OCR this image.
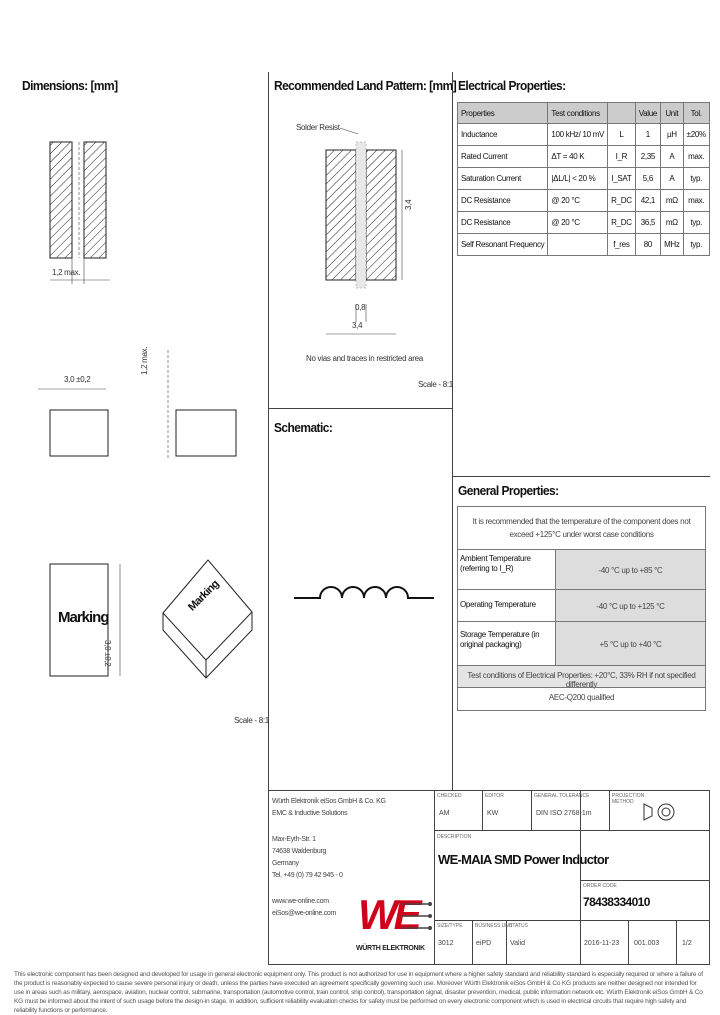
Dimensions: [mm]	Recommended Land Pattern: [mm] Electrical Properties:
Schematic:
General Properties:
1,2 max.
3,0 ±0,2
1,2 max.
3,0 ±0,2
Marking
Marking
Scale - 8:1
Solder Resist
3,4
0,8
3,4
No vias and traces in restricted area
Scale - 8:1
Properties	Test conditions		Value	Unit	Tol.
Inductance	100 kHz/ 10 mV	L	1	µH	±20%
Rated Current	ΔT = 40 K	I_R	2,35	A	max.
Saturation Current	|ΔL/L| < 20 %	I_SAT	5,6	A	typ.
DC Resistance	@ 20 °C	R_DC	42,1	mΩ	max.
DC Resistance	@ 20 °C	R_DC	36,5	mΩ	typ.
Self Resonant Frequency		f_res	80	MHz	typ.
It is recommended that the temperature of the component does not exceed +125°C under worst case conditions
Ambient Temperature (referring to I_R)	-40 °C up to +85 °C
Operating Temperature	-40 °C up to +125 °C
Storage Temperature (in original packaging)	+5 °C up to +40 °C
Test conditions of Electrical Properties: +20°C, 33% RH if not specified differently
AEC-Q200 qualified
Würth Elektronik eiSos GmbH & Co. KG
EMC & Inductive Solutions
Max-Eyth-Str. 1
74638 Waldenburg
Germany
Tel. +49 (0) 79 42 945 - 0
www.we-online.com
eiSos@we-online.com WE
WÜRTH ELEKTRONIK
CHECKED
AM
EDITOR
KW
GENERAL TOLERANCE
DIN ISO 2768-1m
PROJECTION METHOD
DESCRIPTION
WE-MAIA SMD Power Inductor
ORDER CODE
78438334010
SIZE/TYPE
3012
BUSINESS UNIT
eiPD
STATUS
Valid	2016-11-23 001.003	1/2
This electronic component has been designed and developed for usage in general electronic equipment only. This product is not authorized for use in equipment where a higher safety standard and reliability standard is especially required or where a failure of the product is reasonably expected to cause severe personal injury or death, unless the parties have executed an agreement specifically governing such use. Moreover Würth Elektronik eiSos GmbH & Co KG products are neither designed nor intended for use in areas such as military, aerospace, aviation, nuclear control, submarine, transportation (automotive control, train control, ship control), transportation signal, disaster prevention, medical, public information network etc. Würth Elektronik eiSos GmbH & Co KG must be informed about the intent of such usage before the design-in stage. In addition, sufficient reliability evaluation checks for safety must be performed on every electronic component which is used in electrical circuits that require high safety and reliability functions or performance.
